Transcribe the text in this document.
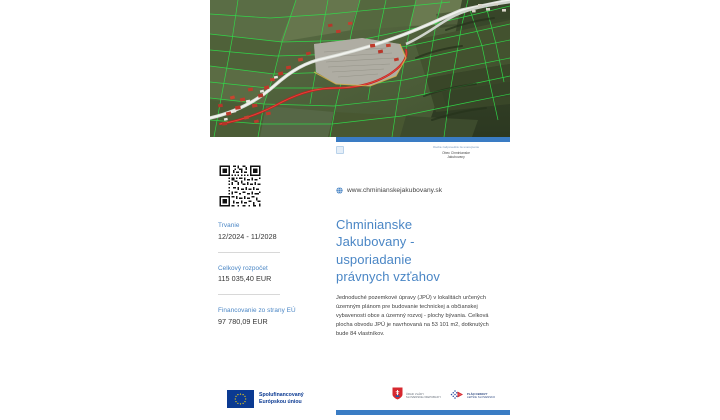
Osoba zodpovedná za uverejnenie
Obec Chminianske
Jakubovany
www.chminianskejakubovany.sk
Trvanie
12/2024 - 11/2028
Celkový rozpočet
115 035,40 EUR
Financovanie zo strany EÚ
97 780,09 EUR
Chminianske
Jakubovany -
usporiadanie
právnych vzťahov

Jednoduché pozemkové úpravy (JPÚ) v lokalitách určených územným plánom pre budovanie technickej a občianskej vybavenosti obce a územný rozvoj - plochy bývania. Celková plocha obvodu JPÚ je navrhovaná na 53 101 m2, dotknutých bude 84 vlastníkov.

Spolufinancovaný
Európskou úniou
ÚRAD VLÁDY
SLOVENSKEJ REPUBLIKY
PLÁN OBNOVY
LEPŠIE SLOVENSKO
